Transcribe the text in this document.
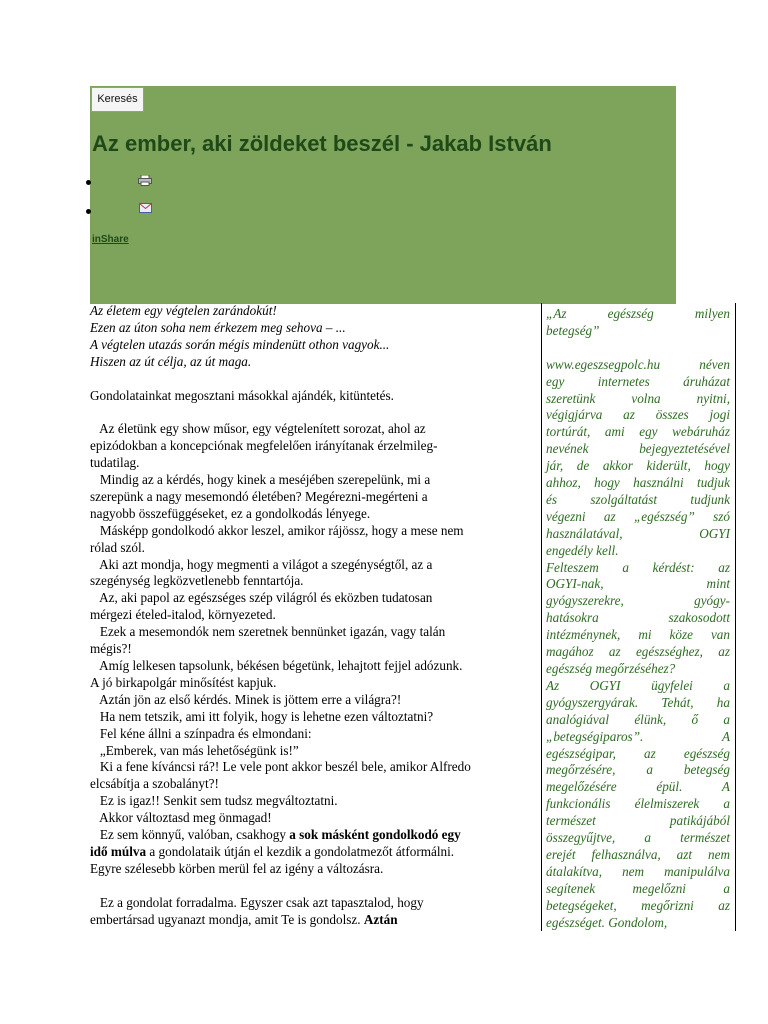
Keresés
Az ember, aki zöldeket beszél - Jakab István
inShare
Az életem egy végtelen zarándokút!
Ezen az úton soha nem érkezem meg sehova – ...
A végtelen utazás során mégis mindenütt othon vagyok...
Hiszen az út célja, az út maga.
Gondolatainkat megosztani másokkal ajándék, kitüntetés.
Az életünk egy show műsor, egy végtelenített sorozat, ahol az
epizódokban a koncepciónak megfelelően irányítanak érzelmileg-
tudatilag.
Mindig az a kérdés, hogy kinek a meséjében szerepelünk, mi a
szerepünk a nagy mesemondó életében? Megérezni-megérteni a
nagyobb összefüggéseket, ez a gondolkodás lényege.
Másképp gondolkodó akkor leszel, amikor rájössz, hogy a mese nem
rólad szól.
Aki azt mondja, hogy megmenti a világot a szegénységtől, az a
szegénység legközvetlenebb fenntartója.
Az, aki papol az egészséges szép világról és eközben tudatosan
mérgezi ételed-italod, környezeted.
Ezek a mesemondók nem szeretnek bennünket igazán, vagy talán
mégis?!
Amíg lelkesen tapsolunk, békésen bégetünk, lehajtott fejjel adózunk.
A jó birkapolgár minősítést kapjuk.
Aztán jön az első kérdés. Minek is jöttem erre a világra?!
Ha nem tetszik, ami itt folyik, hogy is lehetne ezen változtatni?
Fel kéne állni a színpadra és elmondani:
„Emberek, van más lehetőségünk is!”
Ki a fene kíváncsi rá?! Le vele pont akkor beszél bele, amikor Alfredo
elcsábítja a szobalányt?!
Ez is igaz!! Senkit sem tudsz megváltoztatni.
Akkor változtasd meg önmagad!
Ez sem könnyű, valóban, csakhogy a sok másként gondolkodó egy
idő múlva a gondolataik útján el kezdik a gondolatmezőt átformálni.
Egyre szélesebb körben merül fel az igény a változásra.
Ez a gondolat forradalma. Egyszer csak azt tapasztalod, hogy
embertársad ugyanazt mondja, amit Te is gondolsz. Aztán
„Az egészség milyen
betegség”
www.egeszsegpolc.hu néven
egy internetes áruházat
szeretünk volna nyitni,
végigjárva az összes jogi
tortúrát, ami egy webáruház
nevének bejegyeztetésével
jár, de akkor kiderült, hogy
ahhoz, hogy használni tudjuk
és szolgáltatást tudjunk
végezni az „egészség” szó
használatával, OGYI
engedély kell.
Felteszem a kérdést: az
OGYI-nak, mint
gyógyszerekre, gyógy-
hatásokra szakosodott
intézménynek, mi köze van
magához az egészséghez, az
egészség megőrzéséhez?
Az OGYI ügyfelei a
gyógyszergyárak. Tehát, ha
analógiával élünk, ő a
„betegségiparos”. A
egészségipar, az egészség
megőrzésére, a betegség
megelőzésére épül. A
funkcionális élelmiszerek a
természet patikájából
összegyűjtve, a természet
erejét felhasználva, azt nem
átalakítva, nem manipulálva
segítenek megelőzni a
betegségeket, megőrizni az
egészséget. Gondolom,
